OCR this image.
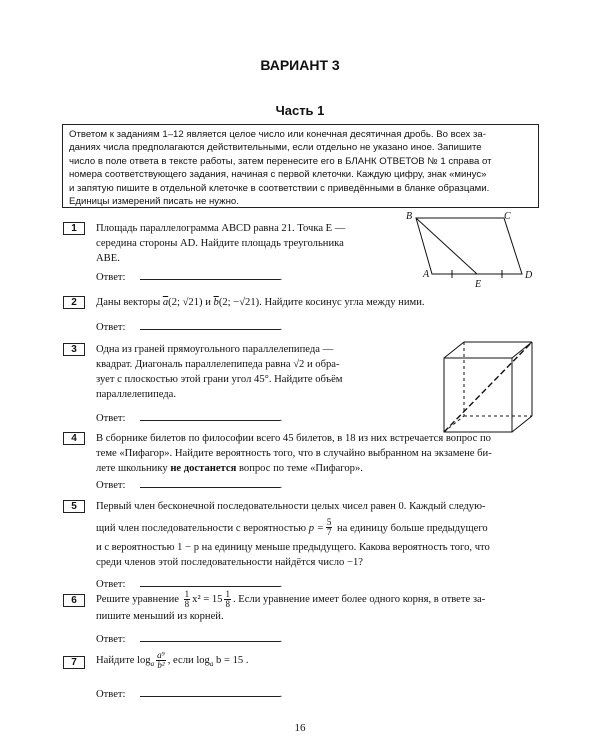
ВАРИАНТ 3
Часть 1
Ответом к заданиям 1–12 является целое число или конечная десятичная дробь. Во всех за-
даниях числа предполагаются действительными, если отдельно не указано иное. Запишите
число в поле ответа в тексте работы, затем перенесите его в БЛАНК ОТВЕТОВ № 1 справа от
номера соответствующего задания, начиная с первой клеточки. Каждую цифру, знак «минус»
и запятую пишите в отдельной клеточке в соответствии с приведёнными в бланке образцами.
Единицы измерений писать не нужно.
1	Площадь параллелограмма ABCD равна 21. Точка E —
середина стороны AD. Найдите площадь треугольника
ABE.
Ответ:	.
B	C
A
E
D
2	Даны векторы $\overline{a}(2$; √21) и $\overline{b}(2$; −√21). Найдите косинус угла между ними.
Ответ:	.
3	Одна из граней прямоугольного параллелепипеда —
квадрат. Диагональ параллелепипеда равна √2 и обра-
зует с плоскостью этой грани угол 45°. Найдите объём
параллелепипеда.
Ответ:	.
4	В сборнике билетов по философии всего 45 билетов, в 18 из них встречается вопрос по
теме «Пифагор». Найдите вероятность того, что в случайно выбранном на экзамене би-
лете школьнику не достанется вопрос по теме «Пифагор».
Ответ:	.
5	Первый член бесконечной последовательности целых чисел равен 0. Каждый следую-
щий член последовательности с вероятностью $p = \frac{5}{7}$ на единицу больше предыдущего
и с вероятностью 1 − p на единицу меньше предыдущего. Какова вероятность того, что
среди членов этой последовательности найдётся число −1?
Ответ:	.
6	Решите уравнение $\frac{1}{8} x^2 = 15 \frac{1}{8}$ . Если уравнение имеет более одного корня, в ответе за-
пишите меньший из корней.
Ответ:	.
7	Найдите $\log_a \frac{\text{a⁹}}{\text{b²}}$ , если $\log_a b = 15$ .
Ответ:	.
16
